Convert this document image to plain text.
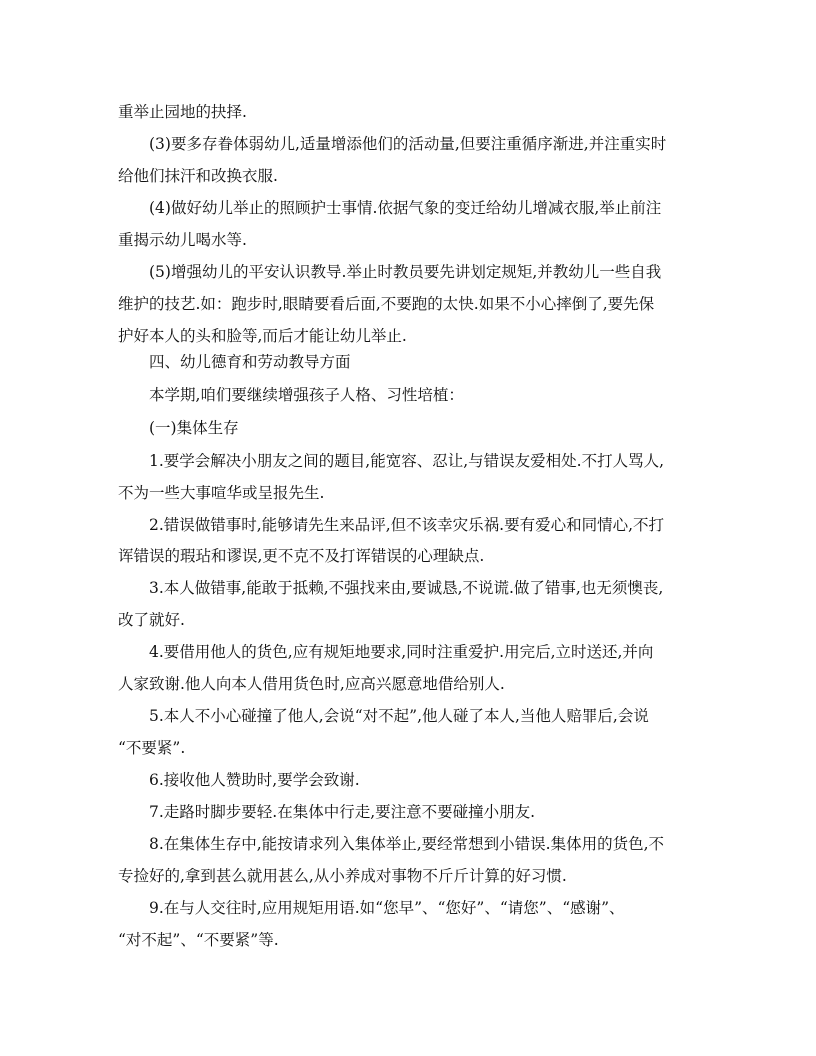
重举止园地的抉择.
(3)要多存眷体弱幼儿,适量增添他们的活动量,但要注重循序渐进,并注重实时
给他们抹汗和改换衣服.
(4)做好幼儿举止的照顾护士事情.依据气象的变迁给幼儿增减衣服,举止前注
重揭示幼儿喝水等.
(5)增强幼儿的平安认识教导.举止时教员要先讲划定规矩,并教幼儿一些自我
维护的技艺.如：跑步时,眼睛要看后面,不要跑的太快.如果不小心摔倒了,要先保
护好本人的头和脸等,而后才能让幼儿举止.
四、幼儿德育和劳动教导方面
本学期,咱们要继续增强孩子人格、习性培植：
(一)集体生存
1.要学会解决小朋友之间的题目,能宽容、忍让,与错误友爱相处.不打人骂人,
不为一些大事喧华或呈报先生.
2.错误做错事时,能够请先生来品评,但不该幸灾乐祸.要有爱心和同情心,不打
诨错误的瑕玷和谬误,更不克不及打诨错误的心理缺点.
3.本人做错事,能敢于抵赖,不强找来由,要诚恳,不说谎.做了错事,也无须懊丧,
改了就好.
4.要借用他人的货色,应有规矩地要求,同时注重爱护.用完后,立时送还,并向
人家致谢.他人向本人借用货色时,应高兴愿意地借给别人.
5.本人不小心碰撞了他人,会说“对不起”,他人碰了本人,当他人赔罪后,会说
“不要紧”.
6.接收他人赞助时,要学会致谢.
7.走路时脚步要轻.在集体中行走,要注意不要碰撞小朋友.
8.在集体生存中,能按请求列入集体举止,要经常想到小错误.集体用的货色,不
专捡好的,拿到甚么就用甚么,从小养成对事物不斤斤计算的好习惯.
9.在与人交往时,应用规矩用语.如“您早”、“您好”、“请您”、“感谢”、
“对不起”、“不要紧”等.
